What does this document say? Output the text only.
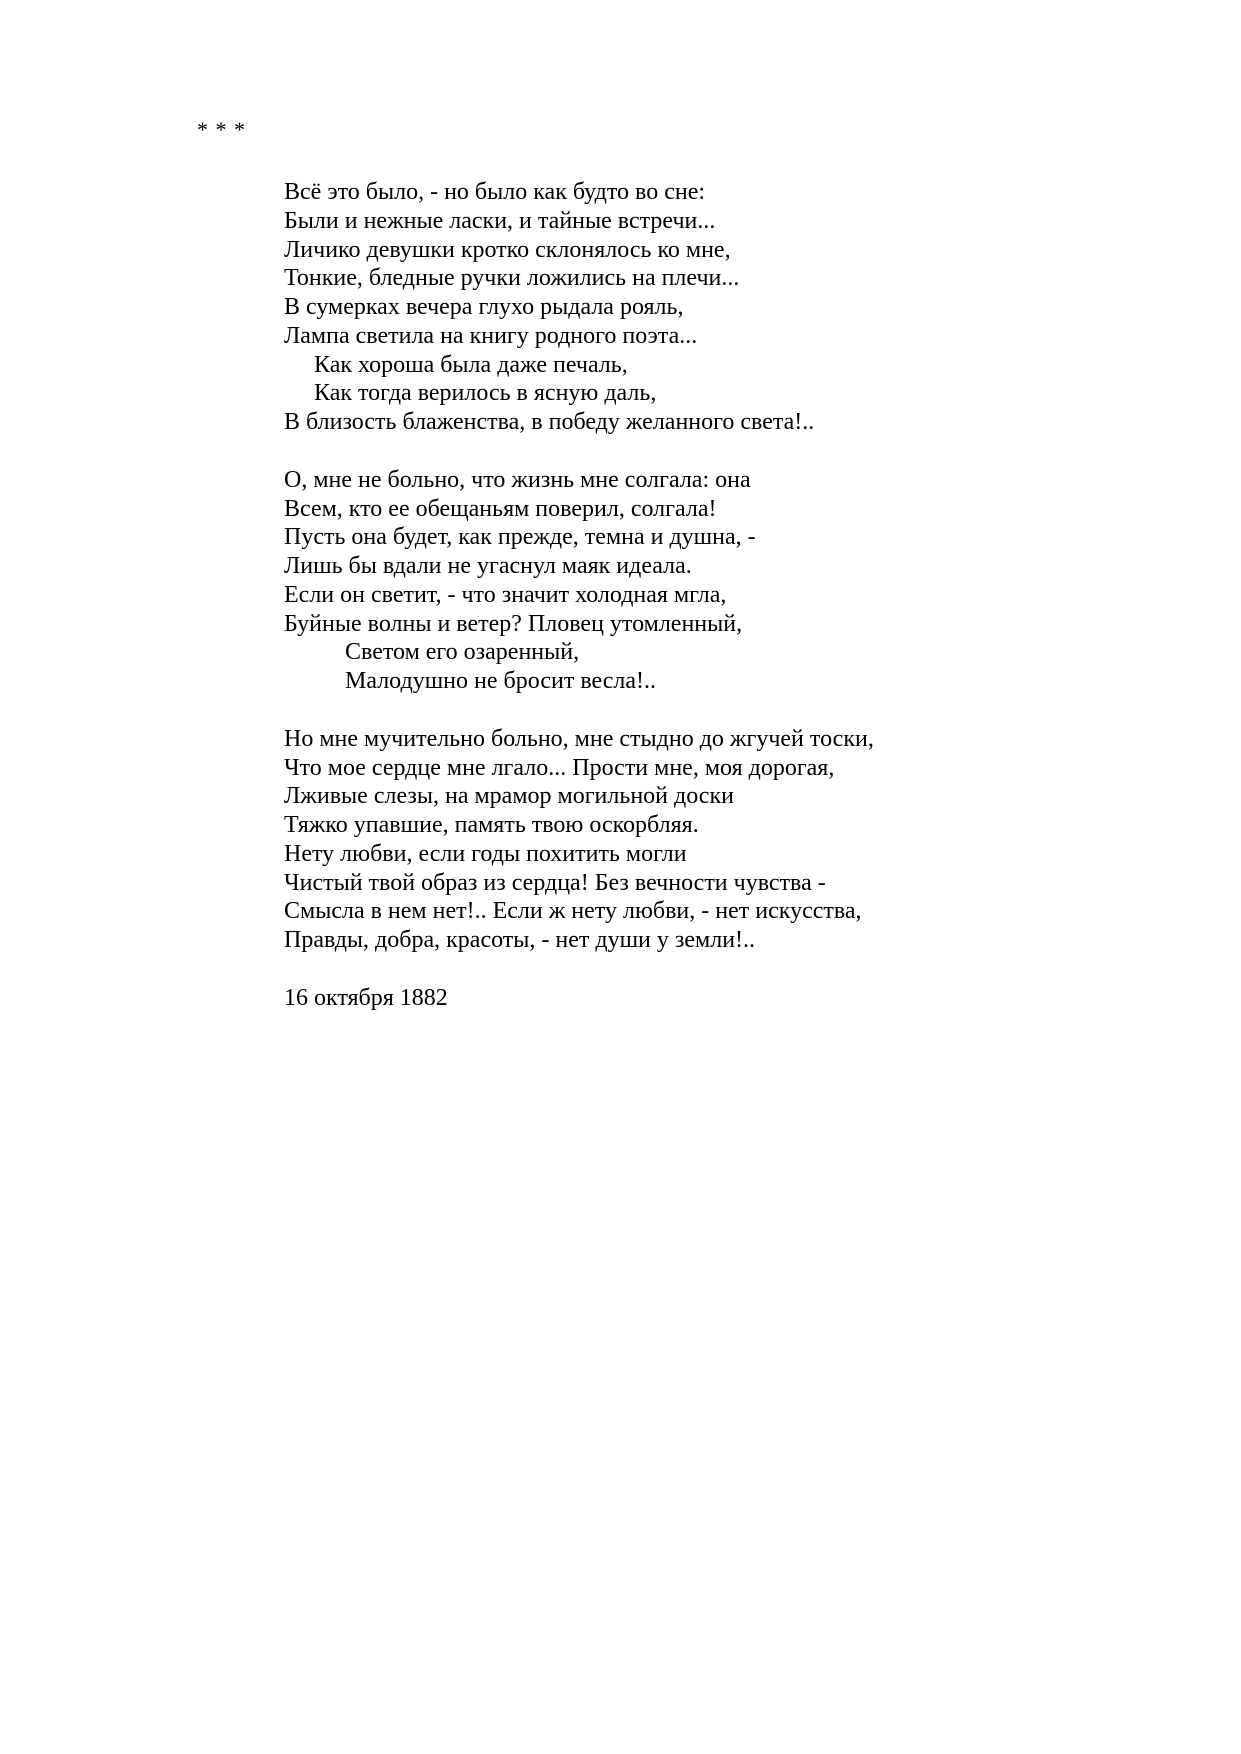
* * *
Всё это было, - но было как будто во сне:
Были и нежные ласки, и тайные встречи...
Личико девушки кротко склонялось ко мне,
Тонкие, бледные ручки ложились на плечи...
В сумерках вечера глухо рыдала рояль,
Лампа светила на книгу родного поэта...
Как хороша была даже печаль,
Как тогда верилось в ясную даль,
В близость блаженства, в победу желанного света!..
О, мне не больно, что жизнь мне солгала: она
Всем, кто ее обещаньям поверил, солгала!
Пусть она будет, как прежде, темна и душна, -
Лишь бы вдали не угаснул маяк идеала.
Если он светит, - что значит холодная мгла,
Буйные волны и ветер? Пловец утомленный,
Светом его озаренный,
Малодушно не бросит весла!..
Но мне мучительно больно, мне стыдно до жгучей тоски,
Что мое сердце мне лгало... Прости мне, моя дорогая,
Лживые слезы, на мрамор могильной доски
Тяжко упавшие, память твою оскорбляя.
Нету любви, если годы похитить могли
Чистый твой образ из сердца! Без вечности чувства -
Смысла в нем нет!.. Если ж нету любви, - нет искусства,
Правды, добра, красоты, - нет души у земли!..
16 октября 1882
